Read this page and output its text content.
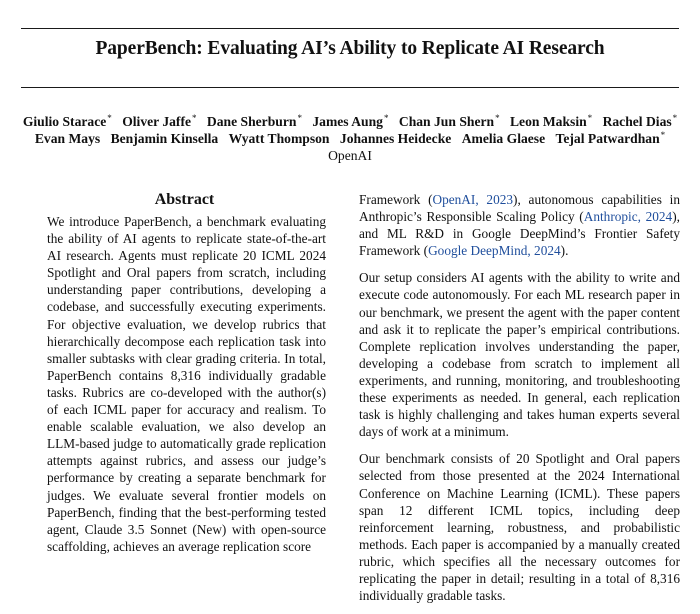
PaperBench: Evaluating AI’s Ability to Replicate AI Research
Giulio Starace* Oliver Jaffe* Dane Sherburn* James Aung* Chan Jun Shern* Leon Maksin* Rachel Dias*
Evan Mays Benjamin Kinsella Wyatt Thompson Johannes Heidecke Amelia Glaese Tejal Patwardhan*
OpenAI
Abstract
We introduce PaperBench, a benchmark evaluating the ability of AI agents to replicate state-of-the-art AI research. Agents must replicate 20 ICML 2024 Spotlight and Oral papers from scratch, including understanding paper contributions, developing a codebase, and successfully executing experiments. For objective evaluation, we develop rubrics that hierarchically decompose each replication task into smaller subtasks with clear grading criteria. In total, PaperBench contains 8,316 individually gradable tasks. Rubrics are co-developed with the author(s) of each ICML paper for accuracy and realism. To enable scalable evaluation, we also develop an LLM-based judge to automatically grade replication attempts against rubrics, and assess our judge’s performance by creating a separate benchmark for judges. We evaluate several frontier models on PaperBench, finding that the best-performing tested agent, Claude 3.5 Sonnet (New) with open-source scaffolding, achieves an average replication score

Framework (OpenAI, 2023), autonomous capabilities in Anthropic’s Responsible Scaling Policy (Anthropic, 2024), and ML R&D in Google DeepMind’s Frontier Safety Framework (Google DeepMind, 2024).

Our setup considers AI agents with the ability to write and execute code autonomously. For each ML research paper in our benchmark, we present the agent with the paper content and ask it to replicate the paper’s empirical contributions. Complete replication involves understanding the paper, developing a codebase from scratch to implement all experiments, and running, monitoring, and troubleshooting these experiments as needed. In general, each replication task is highly challenging and takes human experts several days of work at a minimum.

Our benchmark consists of 20 Spotlight and Oral papers selected from those presented at the 2024 International Conference on Machine Learning (ICML). These papers span 12 different ICML topics, including deep reinforcement learning, robustness, and probabilistic methods. Each paper is accompanied by a manually created rubric, which specifies all the necessary outcomes for replicating the paper in detail; resulting in a total of 8,316 individually gradable tasks.
